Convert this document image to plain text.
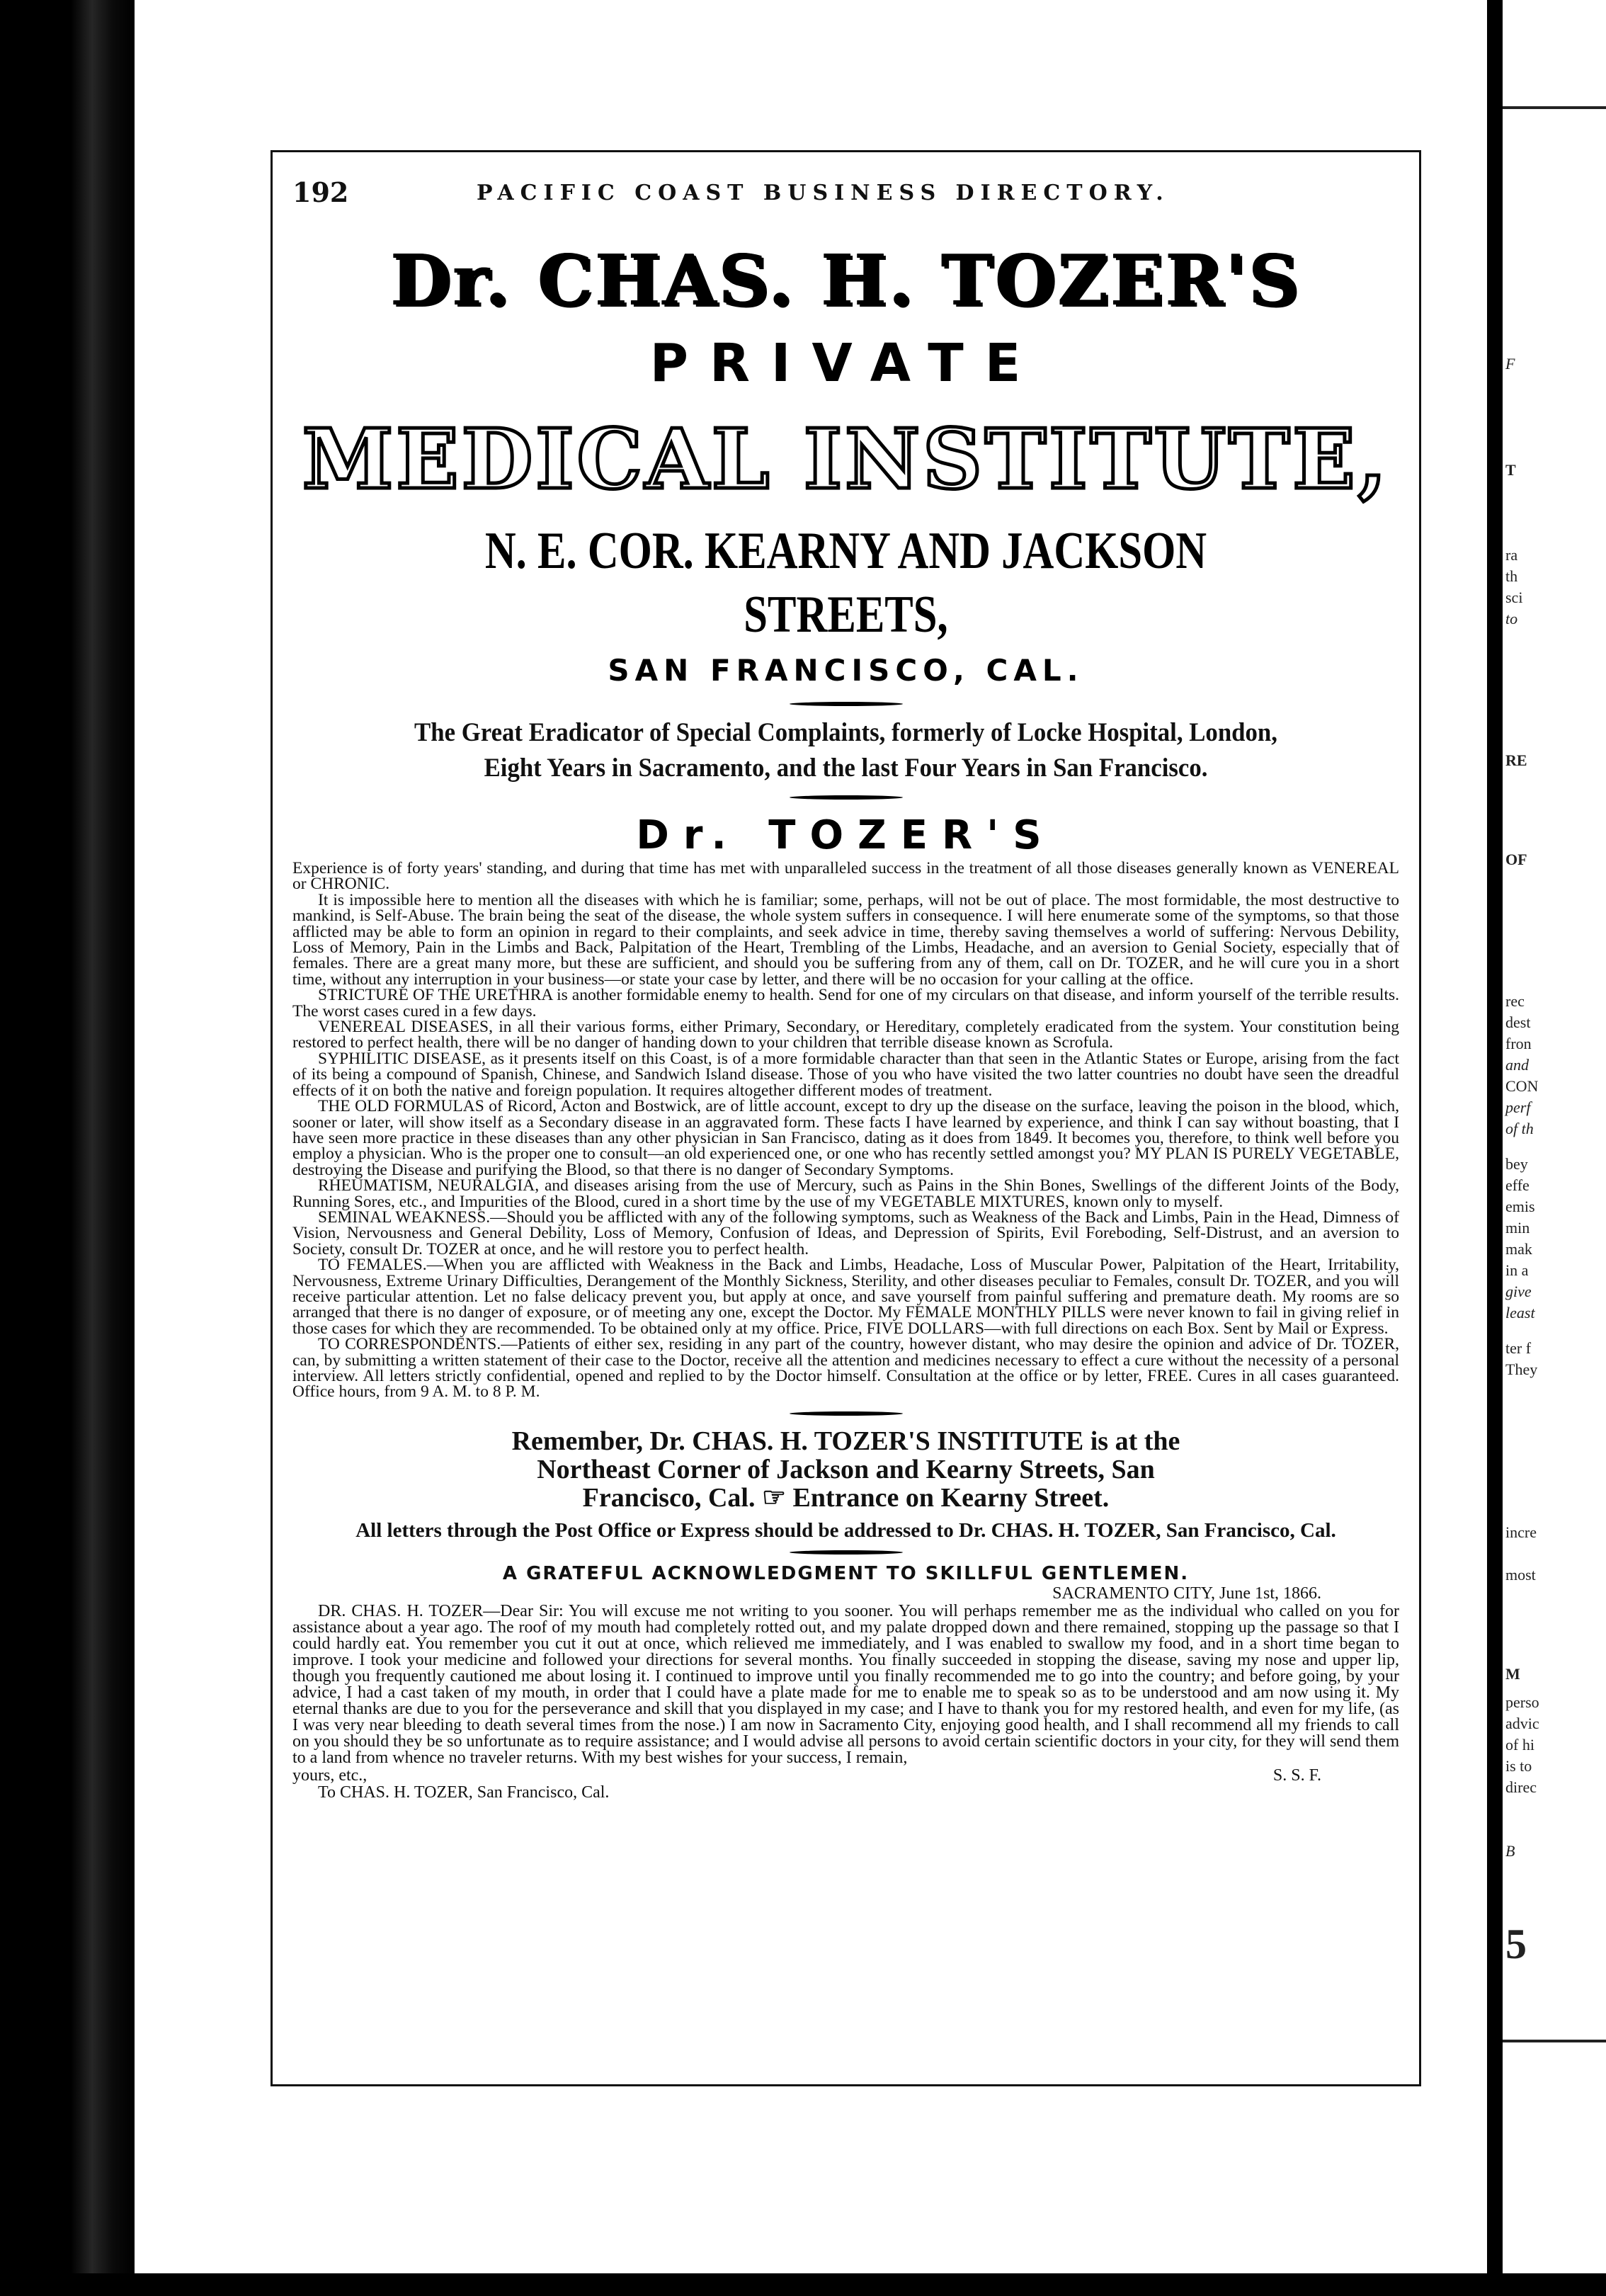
F
T
ra
th
sci
to
RE
OF
rec
dest
fron
and
CON
perf
of th
bey
effe
emis
min
mak
in a
give
least
ter f
They
incre
most
M
perso
advic
of hi
is to
direc
B
5
192	PACIFIC COAST BUSINESS DIRECTORY.
Dr. CHAS. H. TOZER'S
PRIVATE
MEDICAL INSTITUTE,
N. E. COR. KEARNY AND JACKSON STREETS,
SAN FRANCISCO, CAL.
The Great Eradicator of Special Complaints, formerly of Locke Hospital, London,
Eight Years in Sacramento, and the last Four Years in San Francisco.
Dr. TOZER'S

Experience is of forty years' standing, and during that time has met with unparalleled success in the treatment of all those diseases generally known as VENEREAL or CHRONIC.

It is impossible here to mention all the diseases with which he is familiar; some, perhaps, will not be out of place. The most formidable, the most destructive to mankind, is Self-Abuse. The brain being the seat of the disease, the whole system suffers in consequence. I will here enumerate some of the symptoms, so that those afflicted may be able to form an opinion in regard to their complaints, and seek advice in time, thereby saving themselves a world of suffering: Nervous Debility, Loss of Memory, Pain in the Limbs and Back, Palpitation of the Heart, Trembling of the Limbs, Headache, and an aversion to Genial Society, especially that of females. There are a great many more, but these are sufficient, and should you be suffering from any of them, call on Dr. TOZER, and he will cure you in a short time, without any interruption in your business—or state your case by letter, and there will be no occasion for your calling at the office.

STRICTURE OF THE URETHRA is another formidable enemy to health. Send for one of my circulars on that disease, and inform yourself of the terrible results. The worst cases cured in a few days.

VENEREAL DISEASES, in all their various forms, either Primary, Secondary, or Hereditary, completely eradicated from the system. Your constitution being restored to perfect health, there will be no danger of handing down to your children that terrible disease known as Scrofula.

SYPHILITIC DISEASE, as it presents itself on this Coast, is of a more formidable character than that seen in the Atlantic States or Europe, arising from the fact of its being a compound of Spanish, Chinese, and Sandwich Island disease. Those of you who have visited the two latter countries no doubt have seen the dreadful effects of it on both the native and foreign population. It requires altogether different modes of treatment.

THE OLD FORMULAS of Ricord, Acton and Bostwick, are of little account, except to dry up the disease on the surface, leaving the poison in the blood, which, sooner or later, will show itself as a Secondary disease in an aggravated form. These facts I have learned by experience, and think I can say without boasting, that I have seen more practice in these diseases than any other physician in San Francisco, dating as it does from 1849. It becomes you, therefore, to think well before you employ a physician. Who is the proper one to consult—an old experienced one, or one who has recently settled amongst you? MY PLAN IS PURELY VEGETABLE, destroying the Disease and purifying the Blood, so that there is no danger of Secondary Symptoms.

RHEUMATISM, NEURALGIA, and diseases arising from the use of Mercury, such as Pains in the Shin Bones, Swellings of the different Joints of the Body, Running Sores, etc., and Impurities of the Blood, cured in a short time by the use of my VEGETABLE MIXTURES, known only to myself.

SEMINAL WEAKNESS.—Should you be afflicted with any of the following symptoms, such as Weakness of the Back and Limbs, Pain in the Head, Dimness of Vision, Nervousness and General Debility, Loss of Memory, Confusion of Ideas, and Depression of Spirits, Evil Foreboding, Self-Distrust, and an aversion to Society, consult Dr. TOZER at once, and he will restore you to perfect health.

TO FEMALES.—When you are afflicted with Weakness in the Back and Limbs, Headache, Loss of Muscular Power, Palpitation of the Heart, Irritability, Nervousness, Extreme Urinary Difficulties, Derangement of the Monthly Sickness, Sterility, and other diseases peculiar to Females, consult Dr. TOZER, and you will receive particular attention. Let no false delicacy prevent you, but apply at once, and save yourself from painful suffering and premature death. My rooms are so arranged that there is no danger of exposure, or of meeting any one, except the Doctor. My FEMALE MONTHLY PILLS were never known to fail in giving relief in those cases for which they are recommended. To be obtained only at my office. Price, FIVE DOLLARS—with full directions on each Box. Sent by Mail or Express.

TO CORRESPONDENTS.—Patients of either sex, residing in any part of the country, however distant, who may desire the opinion and advice of Dr. TOZER, can, by submitting a written statement of their case to the Doctor, receive all the attention and medicines necessary to effect a cure without the necessity of a personal interview. All letters strictly confidential, opened and replied to by the Doctor himself. Consultation at the office or by letter, FREE. Cures in all cases guaranteed. Office hours, from 9 A. M. to 8 P. M.

Remember, Dr. CHAS. H. TOZER'S INSTITUTE is at the
Northeast Corner of Jackson and Kearny Streets, San
Francisco, Cal. ☞ Entrance on Kearny Street.
All letters through the Post Office or Express should be addressed to Dr. CHAS. H. TOZER, San Francisco, Cal.
A GRATEFUL ACKNOWLEDGMENT TO SKILLFUL GENTLEMEN.
SACRAMENTO CITY, June 1st, 1866.

DR. CHAS. H. TOZER—Dear Sir: You will excuse me not writing to you sooner. You will perhaps remember me as the individual who called on you for assistance about a year ago. The roof of my mouth had completely rotted out, and my palate dropped down and there remained, stopping up the passage so that I could hardly eat. You remember you cut it out at once, which relieved me immediately, and I was enabled to swallow my food, and in a short time began to improve. I took your medicine and followed your directions for several months. You finally succeeded in stopping the disease, saving my nose and upper lip, though you frequently cautioned me about losing it. I continued to improve until you finally recommended me to go into the country; and before going, by your advice, I had a cast taken of my mouth, in order that I could have a plate made for me to enable me to speak so as to be understood and am now using it. My eternal thanks are due to you for the perseverance and skill that you displayed in my case; and I have to thank you for my restored health, and even for my life, (as I was very near bleeding to death several times from the nose.) I am now in Sacramento City, enjoying good health, and I shall recommend all my friends to call on you should they be so unfortunate as to require assistance; and I would advise all persons to avoid certain scientific doctors in your city, for they will send them to a land from whence no traveler returns. With my best wishes for your success, I remain,

yours, etc.,	S. S. F.
To CHAS. H. TOZER, San Francisco, Cal.
